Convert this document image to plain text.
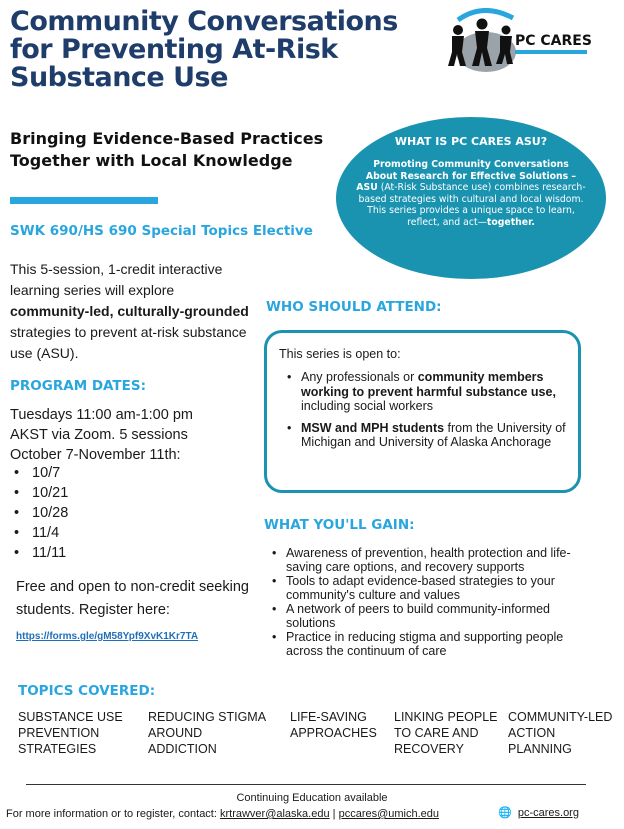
Community Conversations for Preventing At-Risk Substance Use
PC CARES
Bringing Evidence-Based Practices Together with Local Knowledge
SWK 690/HS 690 Special Topics Elective
WHAT IS PC CARES ASU?
Promoting Community Conversations About Research for Effective Solutions – ASU (At-Risk Substance use) combines research-based strategies with cultural and local wisdom. This series provides a unique space to learn, reflect, and act—together.
This 5-session, 1-credit interactive learning series will explore community-led, culturally-grounded strategies to prevent at-risk substance use (ASU).
PROGRAM DATES:
Tuesdays 11:00 am-1:00 pm
AKST via Zoom. 5 sessions
October 7-November 11th:
• 10/7
• 10/21
• 10/28
• 11/4
• 11/11
Free and open to non-credit seeking students. Register here:
https://forms.gle/gM58Ypf9XvK1Kr7TA
WHO SHOULD ATTEND:
This series is open to:
• Any professionals or community members working to prevent harmful substance use, including social workers
• MSW and MPH students from the University of Michigan and University of Alaska Anchorage
WHAT YOU'LL GAIN:
• Awareness of prevention, health protection and life-saving care options, and recovery supports
• Tools to adapt evidence-based strategies to your community's culture and values
• A network of peers to build community-informed solutions
• Practice in reducing stigma and supporting people across the continuum of care
TOPICS COVERED:
SUBSTANCE USE PREVENTION STRATEGIES
REDUCING STIGMA AROUND ADDICTION
LIFE-SAVING APPROACHES
LINKING PEOPLE TO CARE AND RECOVERY
COMMUNITY-LED ACTION PLANNING
Continuing Education available
For more information or to register, contact: krtrawver@alaska.edu | pccares@umich.edu	🌐 pc-cares.org
